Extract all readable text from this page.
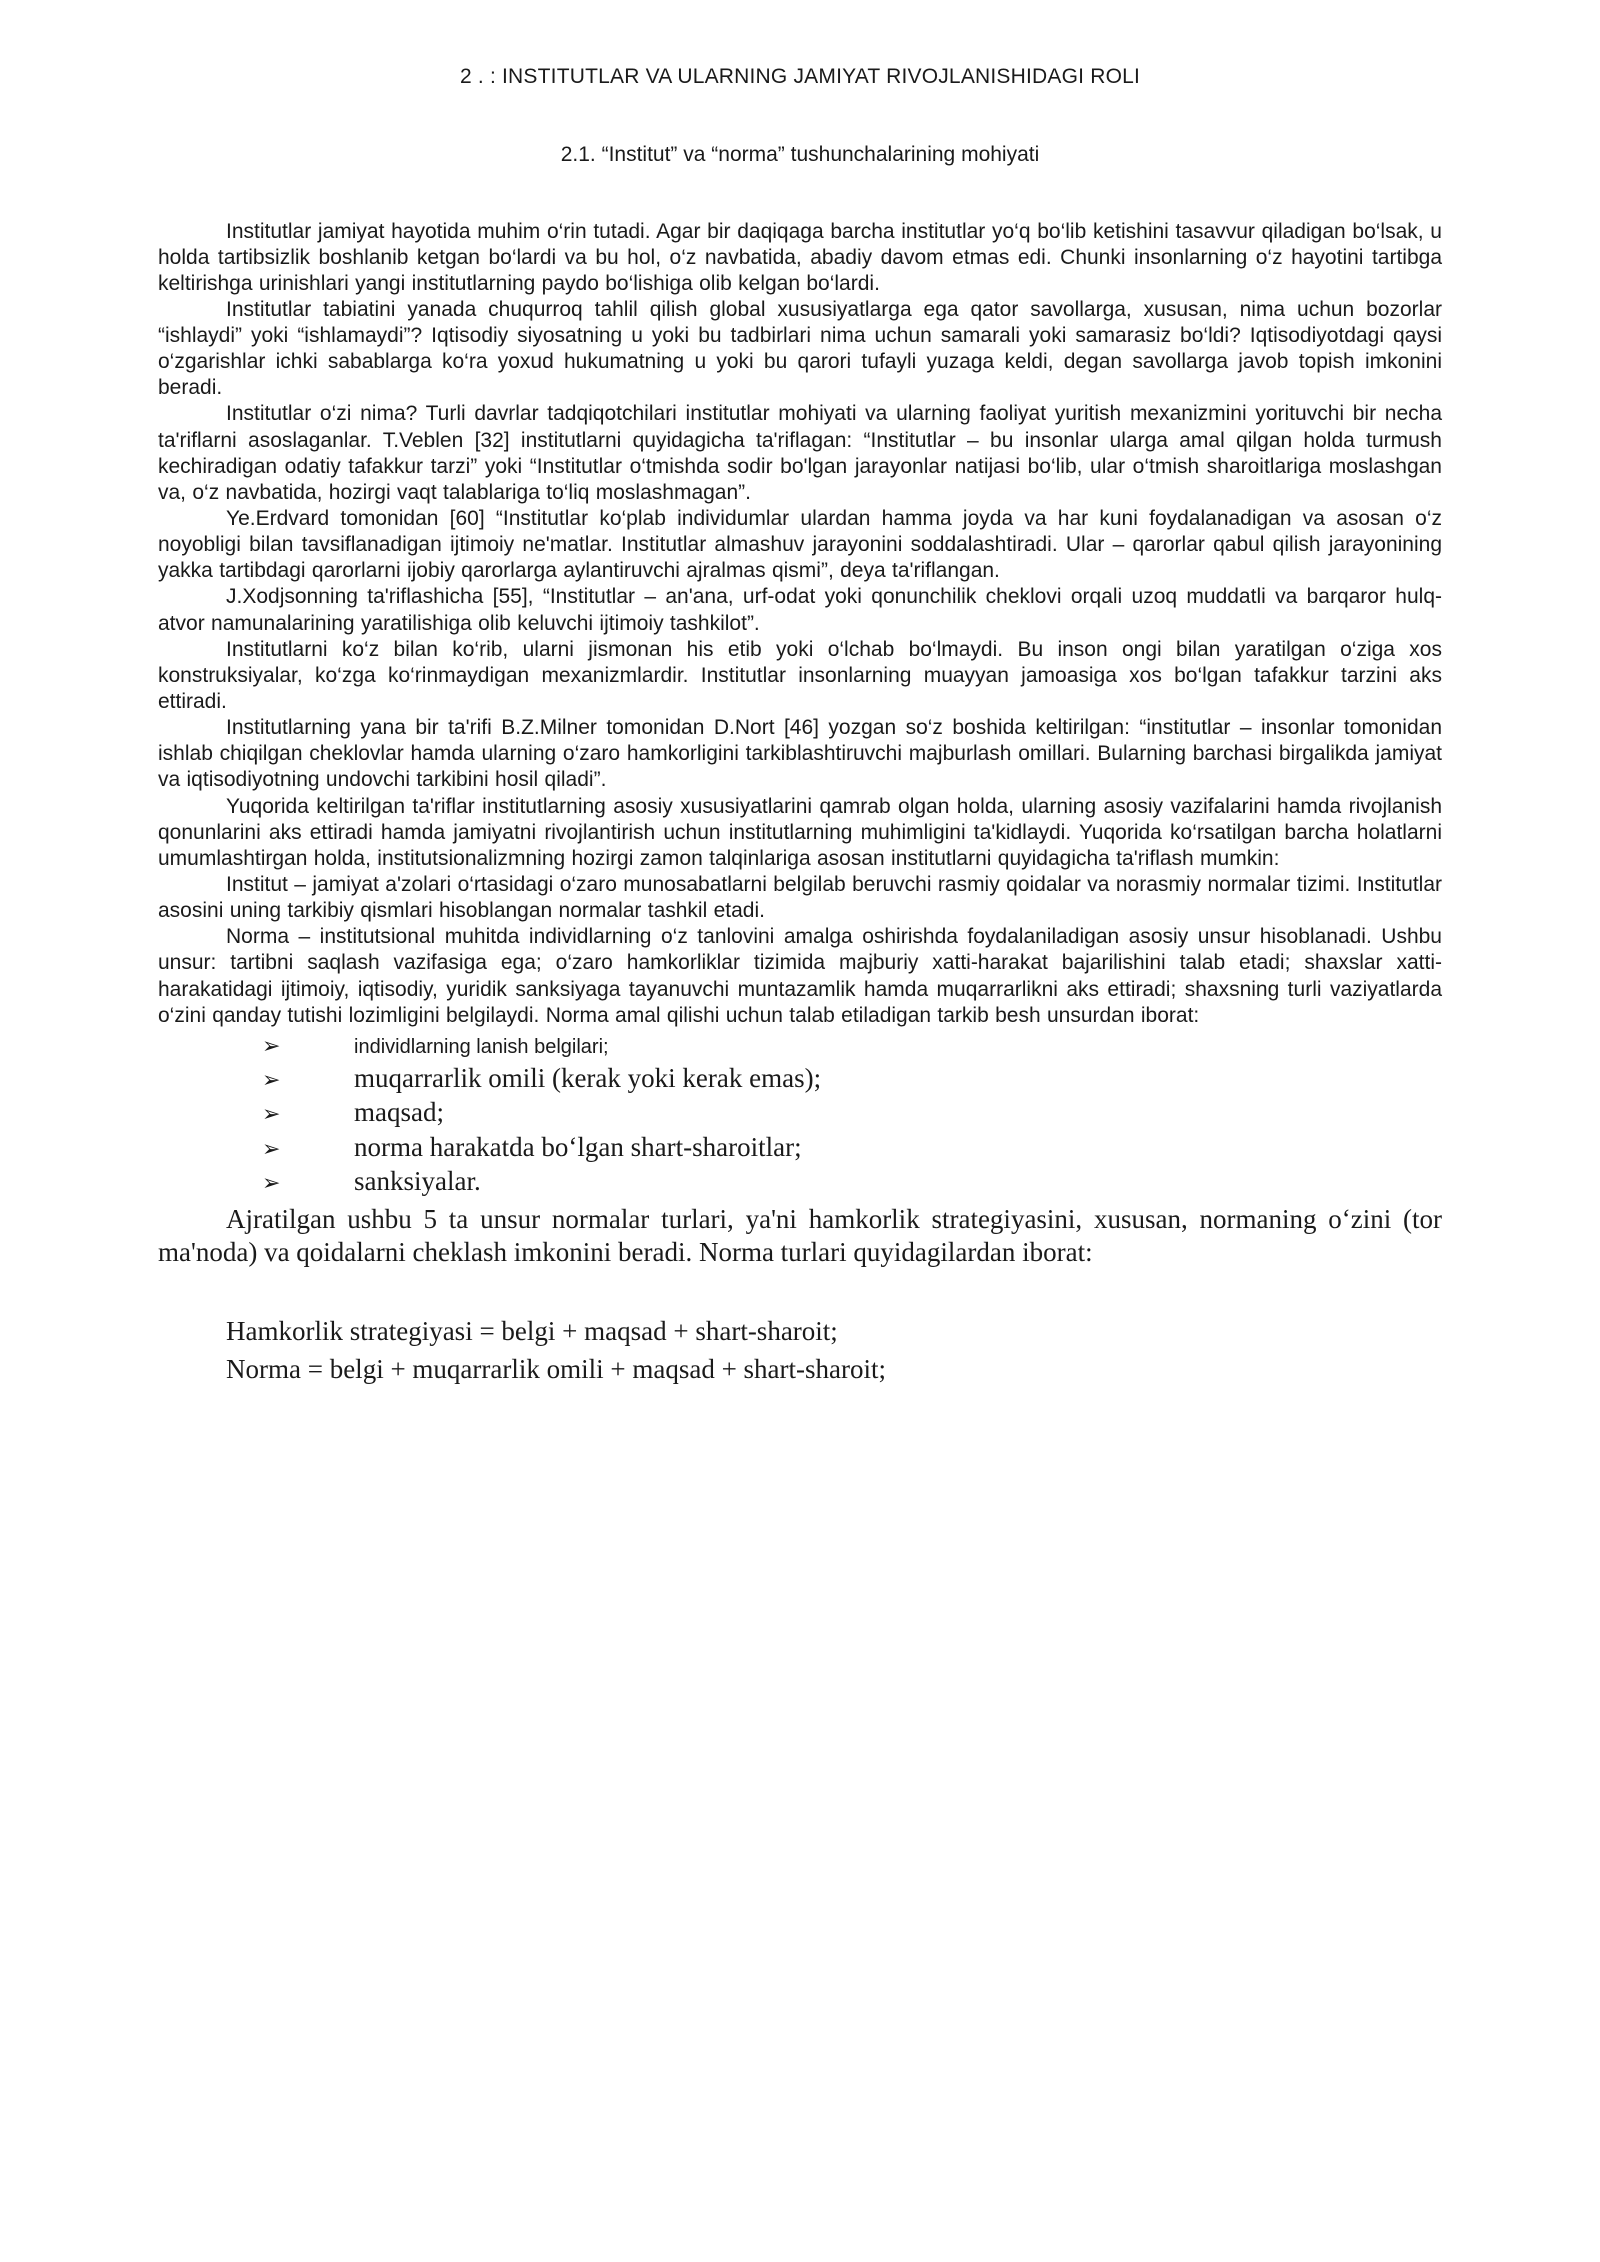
2 . : INSTITUTLAR VA ULARNING JAMIYAT RIVOJLANISHIDAGI ROLI
2.1. “Institut” va “norma” tushunchalarining mohiyati

Institutlar jamiyat hayotida muhim o‘rin tutadi. Agar bir daqiqaga barcha institutlar yo‘q bo‘lib ketishini tasavvur qiladigan bo‘lsak, u holda tartibsizlik boshlanib ketgan bo‘lardi va bu hol, o‘z navbatida, abadiy davom etmas edi. Chunki insonlarning o‘z hayotini tartibga keltirishga urinishlari yangi institutlarning paydo bo‘lishiga olib kelgan bo‘lardi.

Institutlar tabiatini yanada chuqurroq tahlil qilish global xususiyatlarga ega qator savollarga, xususan, nima uchun bozorlar “ishlaydi” yoki “ishlamaydi”? Iqtisodiy siyosatning u yoki bu tadbirlari nima uchun samarali yoki samarasiz bo‘ldi? Iqtisodiyotdagi qaysi o‘zgarishlar ichki sabablarga ko‘ra yoxud hukumatning u yoki bu qarori tufayli yuzaga keldi, degan savollarga javob topish imkonini beradi.

Institutlar o‘zi nima? Turli davrlar tadqiqotchilari institutlar mohiyati va ularning faoliyat yuritish mexanizmini yorituvchi bir necha ta'riflarni asoslaganlar. T.Veblen [32] institutlarni quyidagicha ta'riflagan: “Institutlar – bu insonlar ularga amal qilgan holda turmush kechiradigan odatiy tafakkur tarzi” yoki “Institutlar o‘tmishda sodir bo'lgan jarayonlar natijasi bo‘lib, ular o‘tmish sharoitlariga moslashgan va, o‘z navbatida, hozirgi vaqt talablariga to‘liq moslashmagan”.

Ye.Erdvard tomonidan [60] “Institutlar ko‘plab individumlar ulardan hamma joyda va har kuni foydalanadigan va asosan o‘z noyobligi bilan tavsiflanadigan ijtimoiy ne'matlar. Institutlar almashuv jarayonini soddalashtiradi. Ular – qarorlar qabul qilish jarayonining yakka tartibdagi qarorlarni ijobiy qarorlarga aylantiruvchi ajralmas qismi”, deya ta'riflangan.

J.Xodjsonning ta'riflashicha [55], “Institutlar – an'ana, urf-odat yoki qonunchilik cheklovi orqali uzoq muddatli va barqaror hulq-atvor namunalarining yaratilishiga olib keluvchi ijtimoiy tashkilot”.

Institutlarni ko‘z bilan ko‘rib, ularni jismonan his etib yoki o‘lchab bo‘lmaydi. Bu inson ongi bilan yaratilgan o‘ziga xos konstruksiyalar, ko‘zga ko‘rinmaydigan mexanizmlardir. Institutlar insonlarning muayyan jamoasiga xos bo‘lgan tafakkur tarzini aks ettiradi.

Institutlarning yana bir ta'rifi B.Z.Milner tomonidan D.Nort [46] yozgan so‘z boshida keltirilgan: “institutlar – insonlar tomonidan ishlab chiqilgan cheklovlar hamda ularning o‘zaro hamkorligini tarkiblashtiruvchi majburlash omillari. Bularning barchasi birgalikda jamiyat va iqtisodiyotning undovchi tarkibini hosil qiladi”.

Yuqorida keltirilgan ta'riflar institutlarning asosiy xususiyatlarini qamrab olgan holda, ularning asosiy vazifalarini hamda rivojlanish qonunlarini aks ettiradi hamda jamiyatni rivojlantirish uchun institutlarning muhimligini ta'kidlaydi. Yuqorida ko‘rsatilgan barcha holatlarni umumlashtirgan holda, institutsionalizmning hozirgi zamon talqinlariga asosan institutlarni quyidagicha ta'riflash mumkin:

Institut – jamiyat a'zolari o‘rtasidagi o‘zaro munosabatlarni belgilab beruvchi rasmiy qoidalar va norasmiy normalar tizimi. Institutlar asosini uning tarkibiy qismlari hisoblangan normalar tashkil etadi.

Norma – institutsional muhitda individlarning o‘z tanlovini amalga oshirishda foydalaniladigan asosiy unsur hisoblanadi. Ushbu unsur: tartibni saqlash vazifasiga ega; o‘zaro hamkorliklar tizimida majburiy xatti-harakat bajarilishini talab etadi; shaxslar xatti-harakatidagi ijtimoiy, iqtisodiy, yuridik sanksiyaga tayanuvchi muntazamlik hamda muqarrarlikni aks ettiradi; shaxsning turli vaziyatlarda o‘zini qanday tutishi lozimligini belgilaydi. Norma amal qilishi uchun talab etiladigan tarkib besh unsurdan iborat:

➢	individlarning lanish belgilari;
➢	muqarrarlik omili (kerak yoki kerak emas);
➢	maqsad;
➢	norma harakatda bo‘lgan shart-sharoitlar;
➢	sanksiyalar.

Ajratilgan ushbu 5 ta unsur normalar turlari, ya'ni hamkorlik strategiyasini, xususan, normaning o‘zini (tor ma'noda) va qoidalarni cheklash imkonini beradi. Norma turlari quyidagilardan iborat:

Hamkorlik strategiyasi = belgi + maqsad + shart-sharoit;

Norma = belgi + muqarrarlik omili + maqsad + shart-sharoit;
